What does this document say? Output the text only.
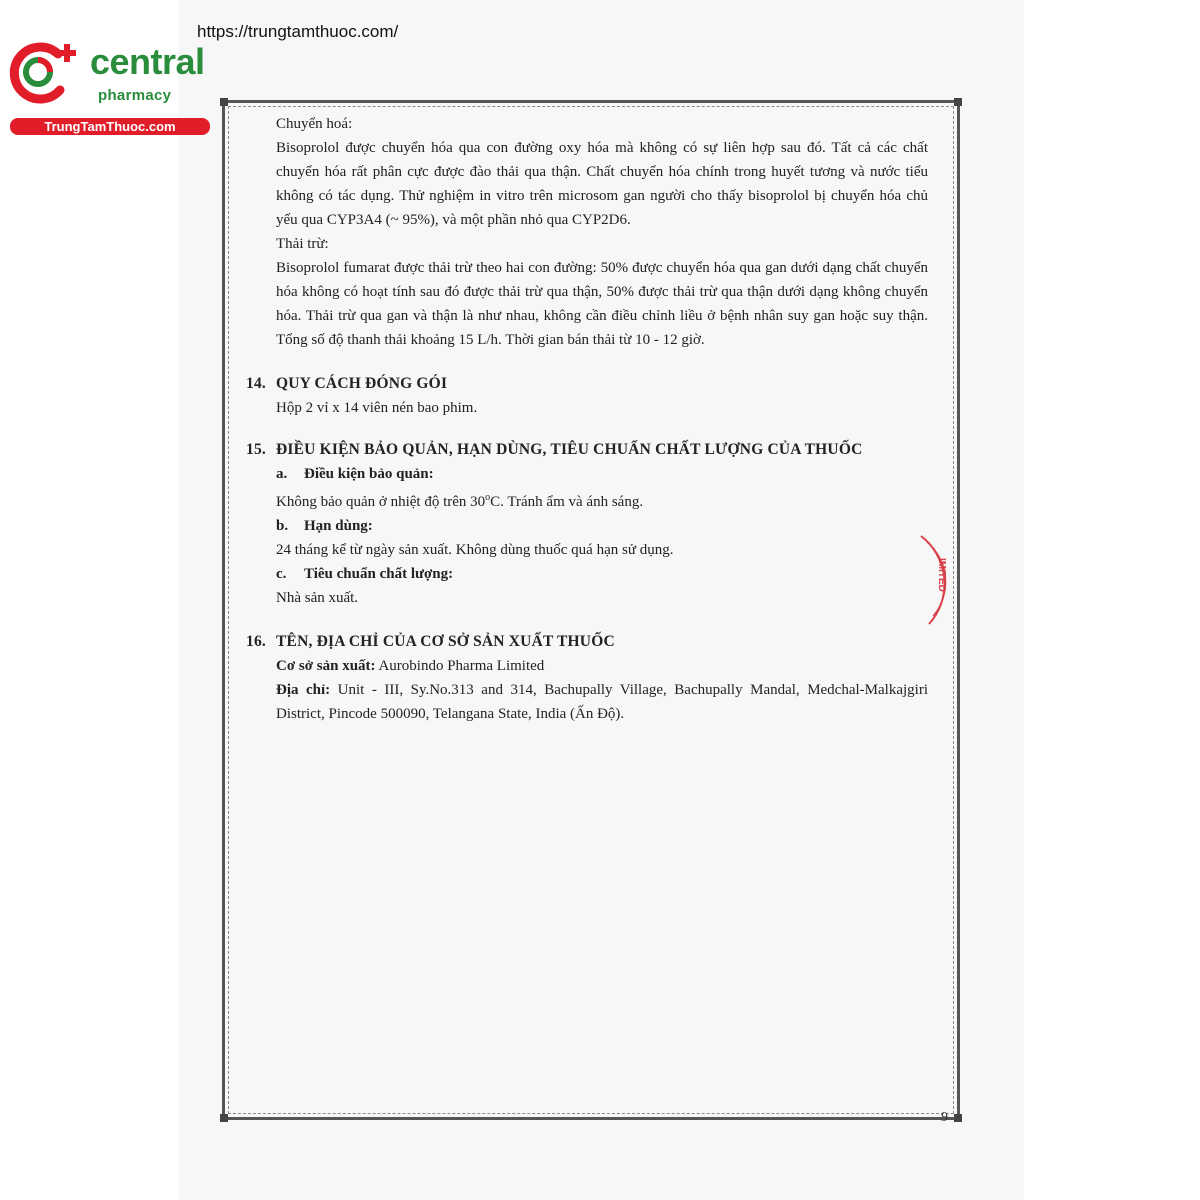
https://trungtamthuoc.com/
central
pharmacy
TrungTamThuoc.com	Chuyển hoá:
Bisoprolol được chuyển hóa qua con đường oxy hóa mà không có sự liên hợp sau đó. Tất cả các chất chuyển hóa rất phân cực được đào thải qua thận. Chất chuyển hóa chính trong huyết tương và nước tiểu không có tác dụng. Thử nghiệm in vitro trên microsom gan người cho thấy bisoprolol bị chuyển hóa chủ yếu qua CYP3A4 (~ 95%), và một phần nhỏ qua CYP2D6.
Thải trừ:
Bisoprolol fumarat được thải trừ theo hai con đường: 50% được chuyển hóa qua gan dưới dạng chất chuyển hóa không có hoạt tính sau đó được thải trừ qua thận, 50% được thải trừ qua thận dưới dạng không chuyển hóa. Thải trừ qua gan và thận là như nhau, không cần điều chỉnh liều ở bệnh nhân suy gan hoặc suy thận. Tổng số độ thanh thải khoảng 15 L/h. Thời gian bán thải từ 10 - 12 giờ.
14. QUY CÁCH ĐÓNG GÓI
Hộp 2 vỉ x 14 viên nén bao phim.
15. ĐIỀU KIỆN BẢO QUẢN, HẠN DÙNG, TIÊU CHUẨN CHẤT LƯỢNG CỦA THUỐC
a. Điều kiện bảo quản:
Không bảo quản ở nhiệt độ trên 30$^o$C. Tránh ẩm và ánh sáng.
b. Hạn dùng:
24 tháng kể từ ngày sản xuất. Không dùng thuốc quá hạn sử dụng.
c. Tiêu chuẩn chất lượng:
Nhà sản xuất.
16. TÊN, ĐỊA CHỈ CỦA CƠ SỞ SẢN XUẤT THUỐC
Cơ sở sản xuất: Aurobindo Pharma Limited
Địa chỉ: Unit - III, Sy.No.313 and 314, Bachupally Village, Bachupally Mandal, Medchal-Malkajgiri District, Pincode 500090, Telangana State, India (Ấn Độ).
IMITED
9
